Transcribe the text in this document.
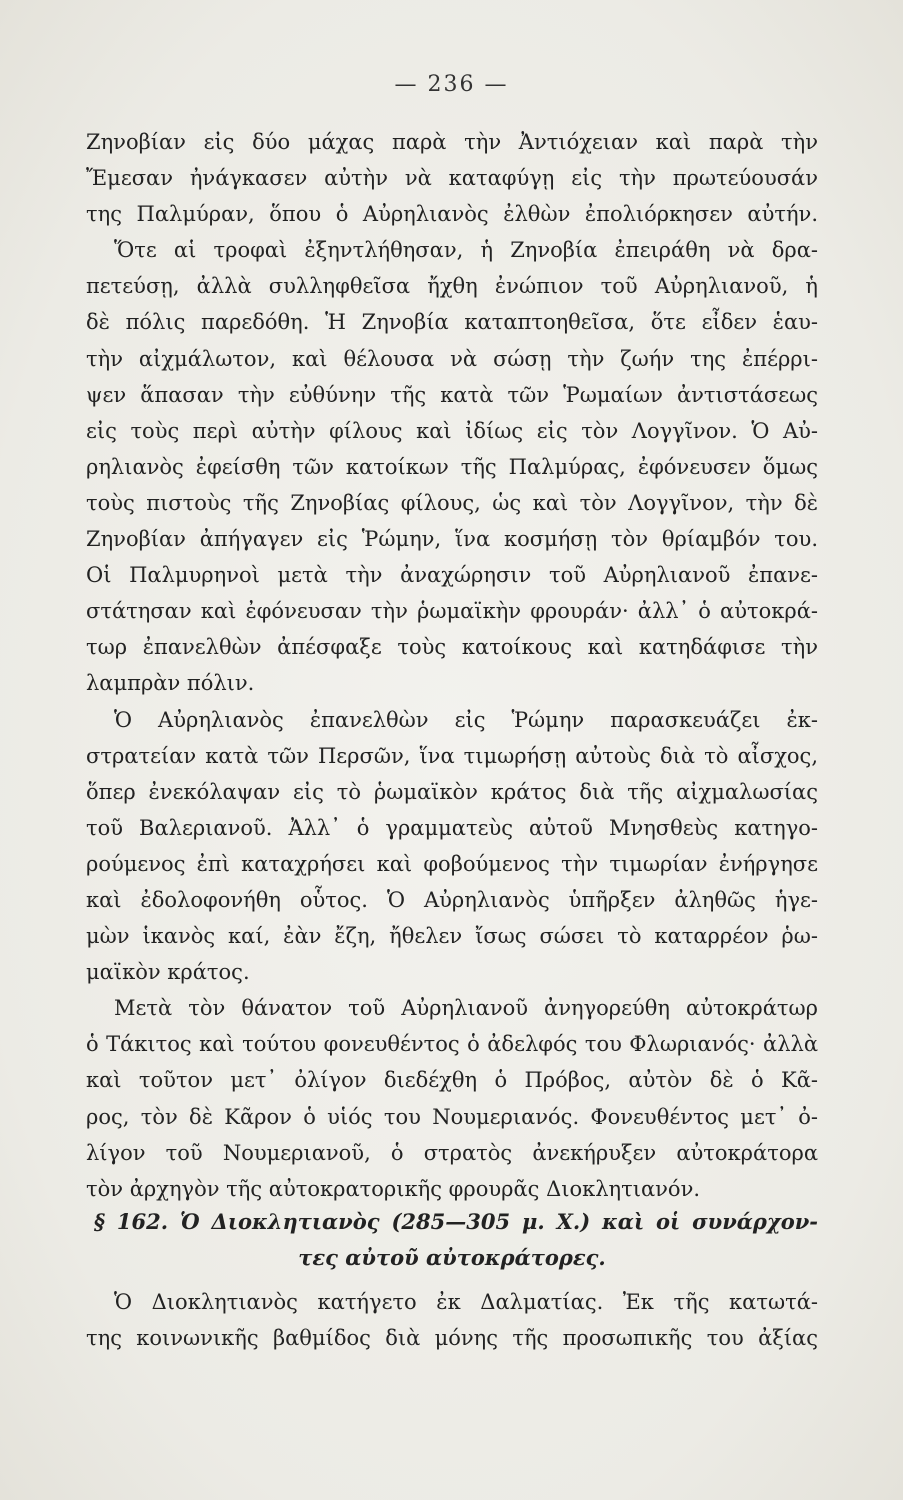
— 236 —
Ζηνοβίαν εἰς δύο μάχας παρὰ τὴν Ἀντιόχειαν καὶ παρὰ τὴν
Ἔμεσαν ἠνάγκασεν αὐτὴν νὰ καταφύγῃ εἰς τὴν πρωτεύουσάν
της Παλμύραν, ὅπου ὁ Αὐρηλιανὸς ἐλθὼν ἐπολιόρκησεν αὐτήν.
Ὅτε αἱ τροφαὶ ἐξηντλήθησαν, ἡ Ζηνοβία ἐπειράθη νὰ δρα-
πετεύσῃ, ἀλλὰ συλληφθεῖσα ἤχθη ἐνώπιον τοῦ Αὐρηλιανοῦ, ἡ
δὲ πόλις παρεδόθη. Ἡ Ζηνοβία καταπτοηθεῖσα, ὅτε εἶδεν ἑαυ-
τὴν αἰχμάλωτον, καὶ θέλουσα νὰ σώσῃ τὴν ζωήν της ἐπέρρι-
ψεν ἅπασαν τὴν εὐθύνην τῆς κατὰ τῶν Ῥωμαίων ἀντιστάσεως
εἰς τοὺς περὶ αὐτὴν φίλους καὶ ἰδίως εἰς τὸν Λογγῖνον. Ὁ Αὐ-
ρηλιανὸς ἐφείσθη τῶν κατοίκων τῆς Παλμύρας, ἐφόνευσεν ὅμως
τοὺς πιστοὺς τῆς Ζηνοβίας φίλους, ὡς καὶ τὸν Λογγῖνον, τὴν δὲ
Ζηνοβίαν ἀπήγαγεν εἰς Ῥώμην, ἵνα κοσμήσῃ τὸν θρίαμβόν του.
Οἱ Παλμυρηνοὶ μετὰ τὴν ἀναχώρησιν τοῦ Αὐρηλιανοῦ ἐπανε-
στάτησαν καὶ ἐφόνευσαν τὴν ῥωμαϊκὴν φρουράν· ἀλλ᾽ ὁ αὐτοκρά-
τωρ ἐπανελθὼν ἀπέσφαξε τοὺς κατοίκους καὶ κατηδάφισε τὴν
λαμπρὰν πόλιν.
Ὁ Αὐρηλιανὸς ἐπανελθὼν εἰς Ῥώμην παρασκευάζει ἐκ-
στρατείαν κατὰ τῶν Περσῶν, ἵνα τιμωρήσῃ αὐτοὺς διὰ τὸ αἶσχος,
ὅπερ ἐνεκόλαψαν εἰς τὸ ῥωμαϊκὸν κράτος διὰ τῆς αἰχμαλωσίας
τοῦ Βαλεριανοῦ. Ἀλλ᾽ ὁ γραμματεὺς αὐτοῦ Μνησθεὺς κατηγο-
ρούμενος ἐπὶ καταχρήσει καὶ φοβούμενος τὴν τιμωρίαν ἐνήργησε
καὶ ἐδολοφονήθη οὗτος. Ὁ Αὐρηλιανὸς ὑπῆρξεν ἀληθῶς ἡγε-
μὼν ἱκανὸς καί, ἐὰν ἔζη, ἤθελεν ἴσως σώσει τὸ καταρρέον ῥω-
μαϊκὸν κράτος.
Μετὰ τὸν θάνατον τοῦ Αὐρηλιανοῦ ἀνηγορεύθη αὐτοκράτωρ
ὁ Τάκιτος καὶ τούτου φονευθέντος ὁ ἀδελφός του Φλωριανός· ἀλλὰ
καὶ τοῦτον μετ᾽ ὀλίγον διεδέχθη ὁ Πρόβος, αὐτὸν δὲ ὁ Κᾶ-
ρος, τὸν δὲ Κᾶρον ὁ υἱός του Νουμεριανός. Φονευθέντος μετ᾽ ὀ-
λίγον τοῦ Νουμεριανοῦ, ὁ στρατὸς ἀνεκήρυξεν αὐτοκράτορα
τὸν ἀρχηγὸν τῆς αὐτοκρατορικῆς φρουρᾶς Διοκλητιανόν.
§ 162. Ὁ Διοκλητιανὸς (285—305 μ. Χ.) καὶ οἱ συνάρχον-
τες αὐτοῦ αὐτοκράτορες.
Ὁ Διοκλητιανὸς κατήγετο ἐκ Δαλματίας. Ἐκ τῆς κατωτά-
της κοινωνικῆς βαθμίδος διὰ μόνης τῆς προσωπικῆς του ἀξίας
